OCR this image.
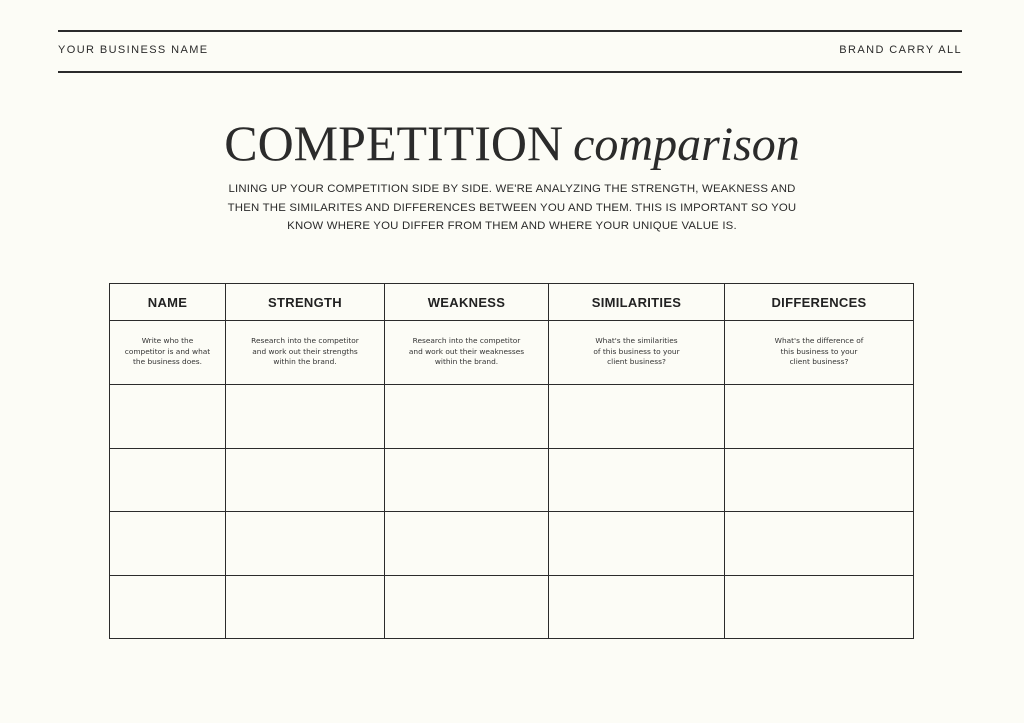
YOUR BUSINESS NAME	BRAND CARRY ALL
COMPETITION comparison
LINING UP YOUR COMPETITION SIDE BY SIDE. WE'RE ANALYZING THE STRENGTH, WEAKNESS AND THEN THE SIMILARITES AND DIFFERENCES BETWEEN YOU AND THEM. THIS IS IMPORTANT SO YOU KNOW WHERE YOU DIFFER FROM THEM AND WHERE YOUR UNIQUE VALUE IS.
NAME	STRENGTH	WEAKNESS	SIMILARITIES	DIFFERENCES
Write who the
competitor is and what
the business does.	Research into the competitor
and work out their strengths
within the brand.	Research into the competitor
and work out their weaknesses
within the brand.	What's the similarities
of this business to your
client business?	What's the difference of
this business to your
client business?
